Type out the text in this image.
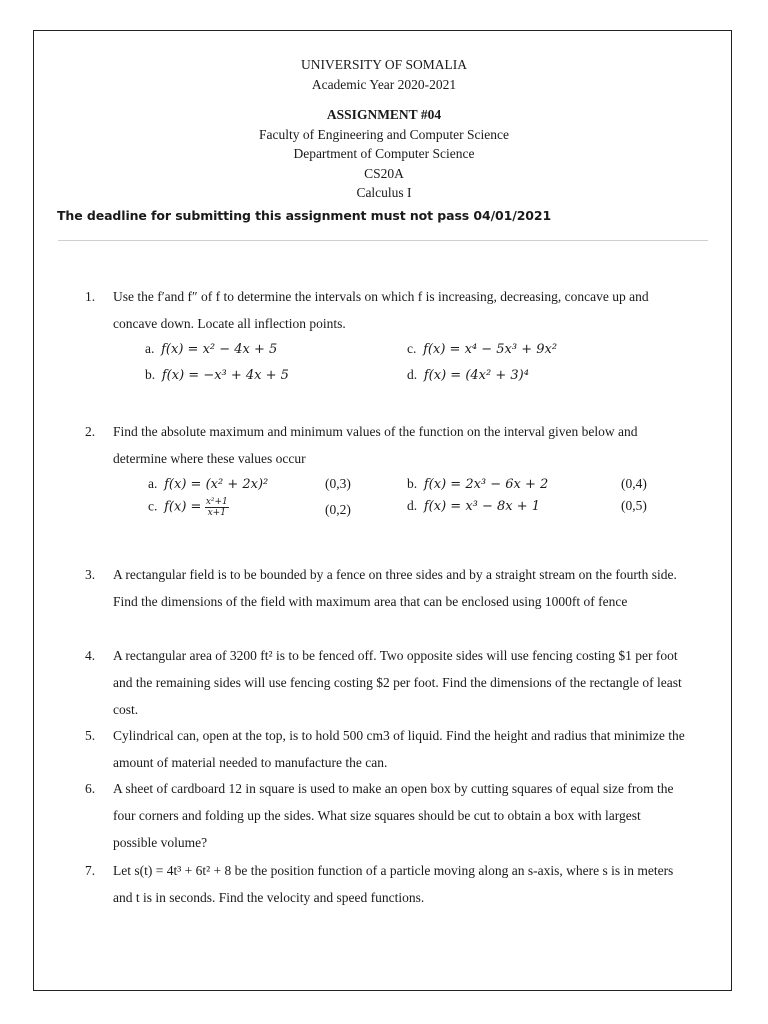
UNIVERSITY OF SOMALIA
Academic Year 2020-2021
ASSIGNMENT #04
Faculty of Engineering and Computer Science
Department of Computer Science
CS20A
Calculus I
The deadline for submitting this assignment must not pass 04/01/2021
1.	Use the f′and f″ of f to determine the intervals on which f is increasing, decreasing, concave up and concave down. Locate all inflection points.
a. f(x) = x² − 4x + 5	c. f(x) = x⁴ − 5x³ + 9x²
b. f(x) = −x³ + 4x + 5	d. f(x) = (4x² + 3)⁴
2.	Find the absolute maximum and minimum values of the function on the interval given below and determine where these values occur
a. f(x) = (x² + 2x)²	(0,3)	b. f(x) = 2x³ − 6x + 2	(0,4)
c. $f(x) = \frac{\text{x²+1}}{x+1}$	(0,2)	d. f(x) = x³ − 8x + 1	(0,5)
3.	A rectangular field is to be bounded by a fence on three sides and by a straight stream on the fourth side. Find the dimensions of the field with maximum area that can be enclosed using 1000ft of fence
4.	A rectangular area of 3200 ft² is to be fenced off. Two opposite sides will use fencing costing $1 per foot and the remaining sides will use fencing costing $2 per foot. Find the dimensions of the rectangle of least cost.
5.	Cylindrical can, open at the top, is to hold 500 cm3 of liquid. Find the height and radius that minimize the amount of material needed to manufacture the can.
6.	A sheet of cardboard 12 in square is used to make an open box by cutting squares of equal size from the four corners and folding up the sides. What size squares should be cut to obtain a box with largest possible volume?
7.	Let s(t) = 4t³ + 6t² + 8 be the position function of a particle moving along an s-axis, where s is in meters and t is in seconds. Find the velocity and speed functions.
